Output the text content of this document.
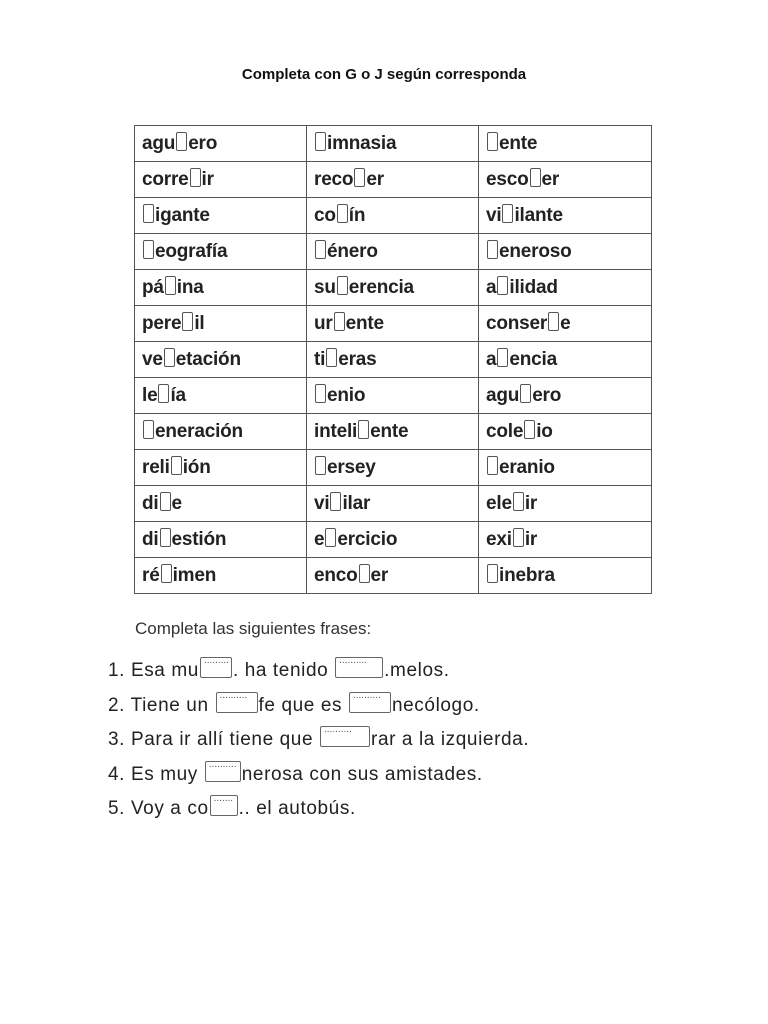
Completa con G o J según corresponda
agu ero	imnasia	ente
corre ir	reco er	esco er
igante	co ín	vi ilante
eografía	énero	eneroso
pá ina	su erencia	a ilidad
pere il	ur ente	conser e
ve etación	ti eras	a encia
le ía	enio	agu ero
eneración	inteli ente	cole io
reli ión	ersey	eranio
di e	vi ilar	ele ir
di estión	e ercicio	exi ir
ré imen	enco er	inebra
Completa las siguientes frases:
1. Esa mu ..... . ha tenido .....	.melos.
2. Tiene un .....fe que es .....necólogo.
3. Para ir allí tiene que .....	rar a la izquierda.
4. Es muy .....nerosa con sus amistades.
5. Voy a co ..... .. el autobús.
